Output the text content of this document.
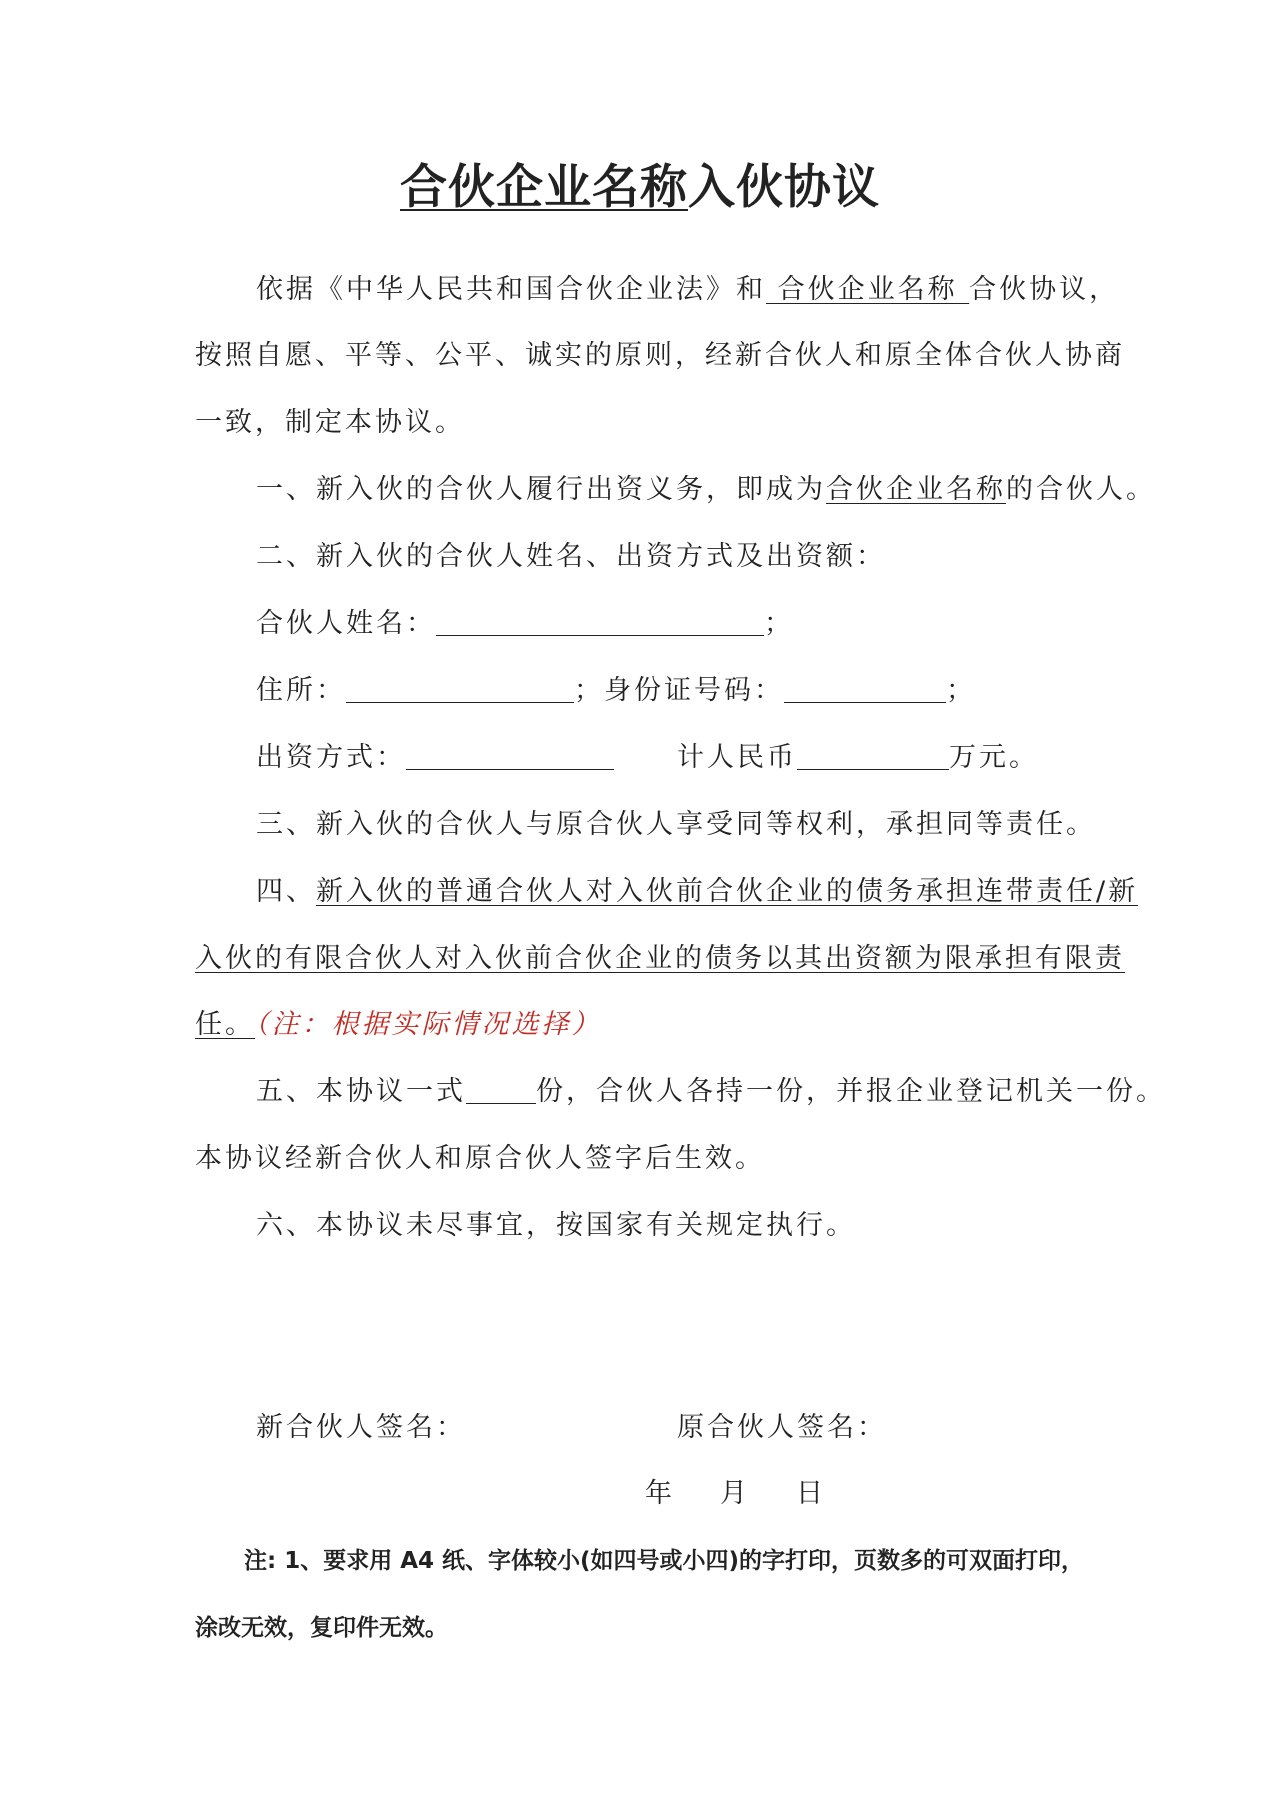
合伙企业名称入伙协议
依据《中华人民共和国合伙企业法》和 合伙企业名称 合伙协议，
按照自愿、平等、公平、诚实的原则，经新合伙人和原全体合伙人协商
一致，制定本协议。
一、新入伙的合伙人履行出资义务，即成为合伙企业名称的合伙人。
二、新入伙的合伙人姓名、出资方式及出资额：
合伙人姓名：	；
住所：	；身份证号码：	；
出资方式：	计人民币	万元。
三、新入伙的合伙人与原合伙人享受同等权利，承担同等责任。
四、新入伙的普通合伙人对入伙前合伙企业的债务承担连带责任/新
入伙的有限合伙人对入伙前合伙企业的债务以其出资额为限承担有限责
任。（注：根据实际情况选择）
五、本协议一式	份，合伙人各持一份，并报企业登记机关一份。
本协议经新合伙人和原合伙人签字后生效。
六、本协议未尽事宜，按国家有关规定执行。
新合伙人签名：	原合伙人签名：
年 月 日
注: 1、要求用 A4 纸、字体较小(如四号或小四)的字打印，页数多的可双面打印，
涂改无效，复印件无效。
